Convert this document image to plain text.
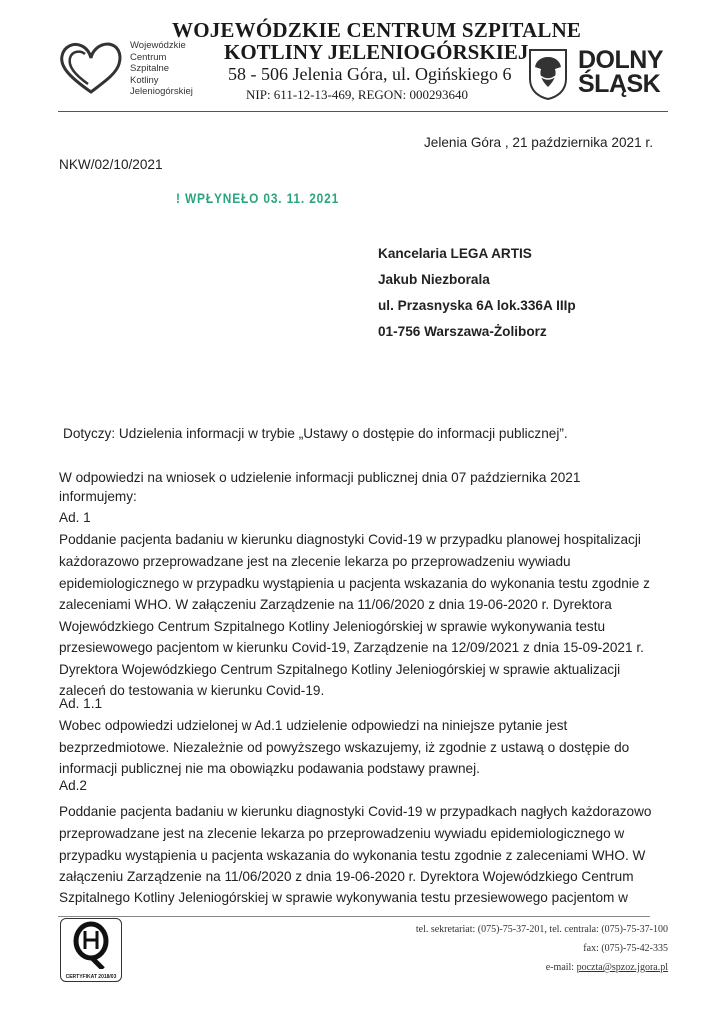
Wojewódzkie
Centrum
Szpitalne
Kotliny
Jeleniogórskiej
WOJEWÓDZKIE CENTRUM SZPITALNE
KOTLINY JELENIOGÓRSKIEJ
58 - 506 Jelenia Góra, ul. Ogińskiego 6
NIP: 611-12-13-469, REGON: 000293640
DOLNY
ŚLĄSK
Jelenia Góra , 21 października 2021 r.
NKW/02/10/2021
! WPŁYNEŁO 03. 11. 2021
Kancelaria LEGA ARTIS
Jakub Niezborala
ul. Przasnyska 6A lok.336A IIIp
01-756 Warszawa-Żoliborz
Dotyczy: Udzielenia informacji w trybie „Ustawy o dostępie do informacji publicznej”.
W odpowiedzi na wniosek o udzielenie informacji publicznej dnia 07 października 2021
informujemy:
Ad. 1
Poddanie pacjenta badaniu w kierunku diagnostyki Covid-19 w przypadku planowej hospitalizacji
każdorazowo przeprowadzane jest na zlecenie lekarza po przeprowadzeniu wywiadu
epidemiologicznego w przypadku wystąpienia u pacjenta wskazania do wykonania testu zgodnie z
zaleceniami WHO. W załączeniu Zarządzenie na 11/06/2020 z dnia 19-06-2020 r. Dyrektora
Wojewódzkiego Centrum Szpitalnego Kotliny Jeleniogórskiej w sprawie wykonywania testu
przesiewowego pacjentom w kierunku Covid-19, Zarządzenie na 12/09/2021 z dnia 15-09-2021 r.
Dyrektora Wojewódzkiego Centrum Szpitalnego Kotliny Jeleniogórskiej w sprawie aktualizacji
zaleceń do testowania w kierunku Covid-19.
Ad. 1.1
Wobec odpowiedzi udzielonej w Ad.1 udzielenie odpowiedzi na niniejsze pytanie jest
bezprzedmiotowe. Niezależnie od powyższego wskazujemy, iż zgodnie z ustawą o dostępie do
informacji publicznej nie ma obowiązku podawania podstawy prawnej.
Ad.2
Poddanie pacjenta badaniu w kierunku diagnostyki Covid-19 w przypadkach nagłych każdorazowo
przeprowadzane jest na zlecenie lekarza po przeprowadzeniu wywiadu epidemiologicznego w
przypadku wystąpienia u pacjenta wskazania do wykonania testu zgodnie z zaleceniami WHO. W
załączeniu Zarządzenie na 11/06/2020 z dnia 19-06-2020 r. Dyrektora Wojewódzkiego Centrum
Szpitalnego Kotliny Jeleniogórskiej w sprawie wykonywania testu przesiewowego pacjentom w
CERTYFIKAT 2018/03
tel. sekretariat: (075)-75-37-201, tel. centrala: (075)-75-37-100
fax: (075)-75-42-335
e-mail: poczta@spzoz.jgora.pl
